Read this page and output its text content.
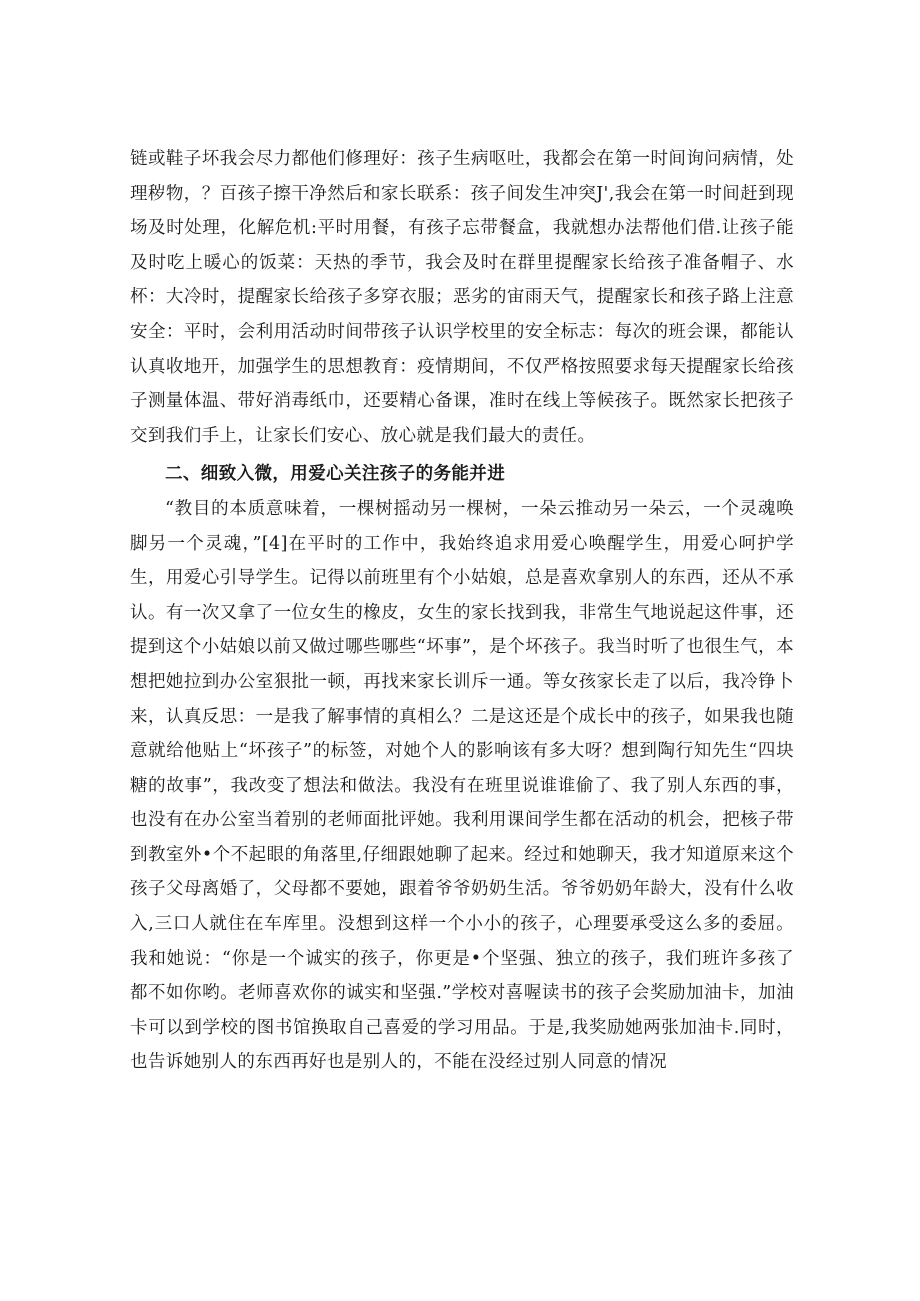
链或鞋子坏我会尽力都他们修理好：孩子生病呕吐，我都会在第一时间询问病情，处理秽物，？百孩子擦干净然后和家长联系：孩子间发生冲突J',我会在第一时间赶到现场及时处理，化解危机:平时用餐，有孩子忘带餐盒，我就想办法帮他们借.让孩子能及时吃上暖心的饭菜：天热的季节，我会及时在群里提醒家长给孩子准备帽子、水杯：大冷时，提醒家长给孩子多穿衣服；恶劣的宙雨天气，提醒家长和孩子路上注意安全：平时，会利用活动时间带孩子认识学校里的安全标志：每次的班会课，都能认认真收地开，加强学生的思想教育：疫情期间，不仅严格按照要求每天提醒家长给孩子测量体温、带好消毒纸巾，还要精心备课，准时在线上等候孩子。既然家长把孩子交到我们手上，让家长们安心、放心就是我们最大的责任。

二、细致入微，用爱心关注孩子的务能并进

“教目的本质意味着，一棵树摇动另一棵树，一朵云推动另一朵云，一个灵魂唤脚另一个灵魂，”[4]在平时的工作中，我始终追求用爱心唤醒学生，用爱心呵护学生，用爱心引导学生。记得以前班里有个小姑娘，总是喜欢拿别人的东西，还从不承认。有一次又拿了一位女生的橡皮，女生的家长找到我，非常生气地说起这件事，还提到这个小姑娘以前又做过哪些哪些“坏事”，是个坏孩子。我当时听了也很生气，本想把她拉到办公室狠批一顿，再找来家长训斥一通。等女孩家长走了以后，我冷铮卜来，认真反思：一是我了解事情的真相么？二是这还是个成长中的孩子，如果我也随意就给他贴上“坏孩子”的标签，对她个人的影响该有多大呀？想到陶行知先生“四块糖的故事”，我改变了想法和做法。我没有在班里说谁谁偷了、我了别人东西的事，也没有在办公室当着别的老师面批评她。我利用课间学生都在活动的机会，把核子带到教室外•个不起眼的角落里,仔细跟她聊了起来。经过和她聊天，我才知道原来这个孩子父母离婚了，父母都不要她，跟着爷爷奶奶生活。爷爷奶奶年龄大，没有什么收入,三口人就住在车库里。没想到这样一个小小的孩子，心理要承受这么多的委屈。我和她说：“你是一个诚实的孩子，你更是•个坚强、独立的孩子，我们班许多孩了都不如你哟。老师喜欢你的诚实和坚强.”学校对喜喔读书的孩子会奖励加油卡，加油卡可以到学校的图书馆换取自己喜爱的学习用品。于是,我奖励她两张加油卡.同时，也告诉她别人的东西再好也是别人的，不能在没经过别人同意的情况
